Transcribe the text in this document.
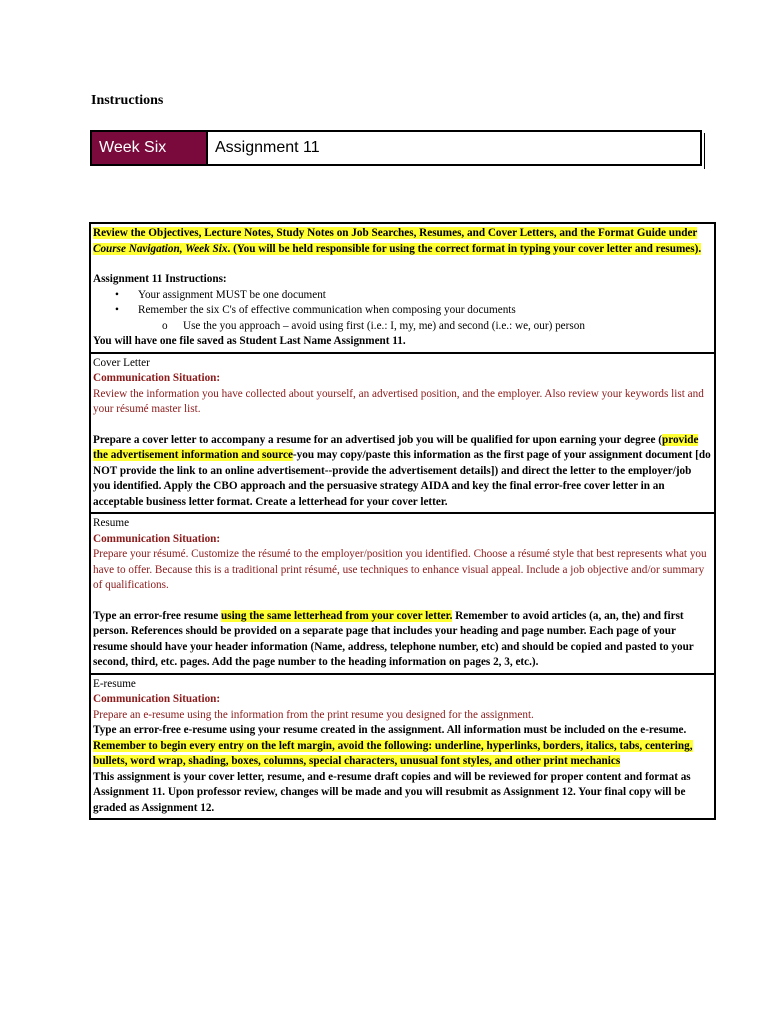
Instructions
Week Six	Assignment 11
Review the Objectives, Lecture Notes, Study Notes on Job Searches, Resumes, and Cover Letters, and the Format Guide under Course Navigation, Week Six. (You will be held responsible for using the correct format in typing your cover letter and resumes).
Assignment 11 Instructions:
• Your assignment MUST be one document
• Remember the six C's of effective communication when composing your documents
o Use the you approach – avoid using first (i.e.: I, my, me) and second (i.e.: we, our) person
You will have one file saved as Student Last Name Assignment 11.
Cover Letter
Communication Situation:
Review the information you have collected about yourself, an advertised position, and the employer. Also review your keywords list and your résumé master list.
Prepare a cover letter to accompany a resume for an advertised job you will be qualified for upon earning your degree (provide the advertisement information and source-you may copy/paste this information as the first page of your assignment document [do NOT provide the link to an online advertisement--provide the advertisement details]) and direct the letter to the employer/job you identified. Apply the CBO approach and the persuasive strategy AIDA and key the final error-free cover letter in an acceptable business letter format. Create a letterhead for your cover letter.
Resume
Communication Situation:
Prepare your résumé. Customize the résumé to the employer/position you identified. Choose a résumé style that best represents what you have to offer. Because this is a traditional print résumé, use techniques to enhance visual appeal. Include a job objective and/or summary of qualifications.
Type an error-free resume using the same letterhead from your cover letter. Remember to avoid articles (a, an, the) and first person. References should be provided on a separate page that includes your heading and page number. Each page of your resume should have your header information (Name, address, telephone number, etc) and should be copied and pasted to your second, third, etc. pages. Add the page number to the heading information on pages 2, 3, etc.).
E-resume
Communication Situation:
Prepare an e-resume using the information from the print resume you designed for the assignment.
Type an error-free e-resume using your resume created in the assignment. All information must be included on the e-resume. Remember to begin every entry on the left margin, avoid the following: underline, hyperlinks, borders, italics, tabs, centering, bullets, word wrap, shading, boxes, columns, special characters, unusual font styles, and other print mechanics
This assignment is your cover letter, resume, and e-resume draft copies and will be reviewed for proper content and format as Assignment 11. Upon professor review, changes will be made and you will resubmit as Assignment 12. Your final copy will be graded as Assignment 12.
